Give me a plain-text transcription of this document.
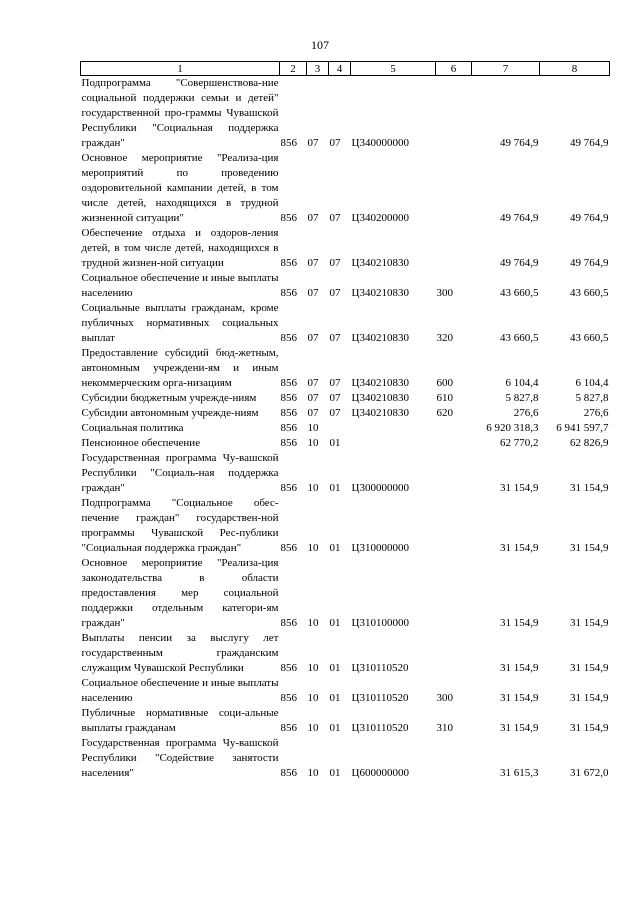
107
1	2	3	4	5	6	7	8
Подпрограмма "Совершенствова-ние социальной поддержки семьи и детей" государственной про-граммы Чувашской Республики "Социальная поддержка граждан"	856	07	07	Ц340000000		49 764,9	49 764,9
Основное мероприятие "Реализа-ция мероприятий по проведению оздоровительной кампании детей, в том числе детей, находящихся в трудной жизненной ситуации"	856	07	07	Ц340200000		49 764,9	49 764,9
Обеспечение отдыха и оздоров-ления детей, в том числе детей, находящихся в трудной жизнен-ной ситуации	856	07	07	Ц340210830		49 764,9	49 764,9
Социальное обеспечение и иные выплаты населению	856	07	07	Ц340210830	300	43 660,5	43 660,5
Социальные выплаты гражданам, кроме публичных нормативных социальных выплат	856	07	07	Ц340210830	320	43 660,5	43 660,5
Предоставление субсидий бюд-жетным, автономным учреждени-ям и иным некоммерческим орга-низациям	856	07	07	Ц340210830	600	6 104,4	6 104,4
Субсидии бюджетным учрежде-ниям	856	07	07	Ц340210830	610	5 827,8	5 827,8
Субсидии автономным учрежде-ниям	856	07	07	Ц340210830	620	276,6	276,6
Социальная политика	856	10				6 920 318,3	6 941 597,7
Пенсионное обеспечение	856	10	01			62 770,2	62 826,9
Государственная программа Чу-вашской Республики "Социаль-ная поддержка граждан"	856	10	01	Ц300000000		31 154,9	31 154,9
Подпрограмма "Социальное обес-печение граждан" государствен-ной программы Чувашской Рес-публики "Социальная поддержка граждан"	856	10	01	Ц310000000		31 154,9	31 154,9
Основное мероприятие "Реализа-ция законодательства в области предоставления мер социальной поддержки отдельным категори-ям граждан"	856	10	01	Ц310100000		31 154,9	31 154,9
Выплаты пенсии за выслугу лет государственным гражданским служащим Чувашской Республики	856	10	01	Ц310110520		31 154,9	31 154,9
Социальное обеспечение и иные выплаты населению	856	10	01	Ц310110520	300	31 154,9	31 154,9
Публичные нормативные соци-альные выплаты гражданам	856	10	01	Ц310110520	310	31 154,9	31 154,9
Государственная программа Чу-вашской Республики "Содействие занятости населения"	856	10	01	Ц600000000		31 615,3	31 672,0
